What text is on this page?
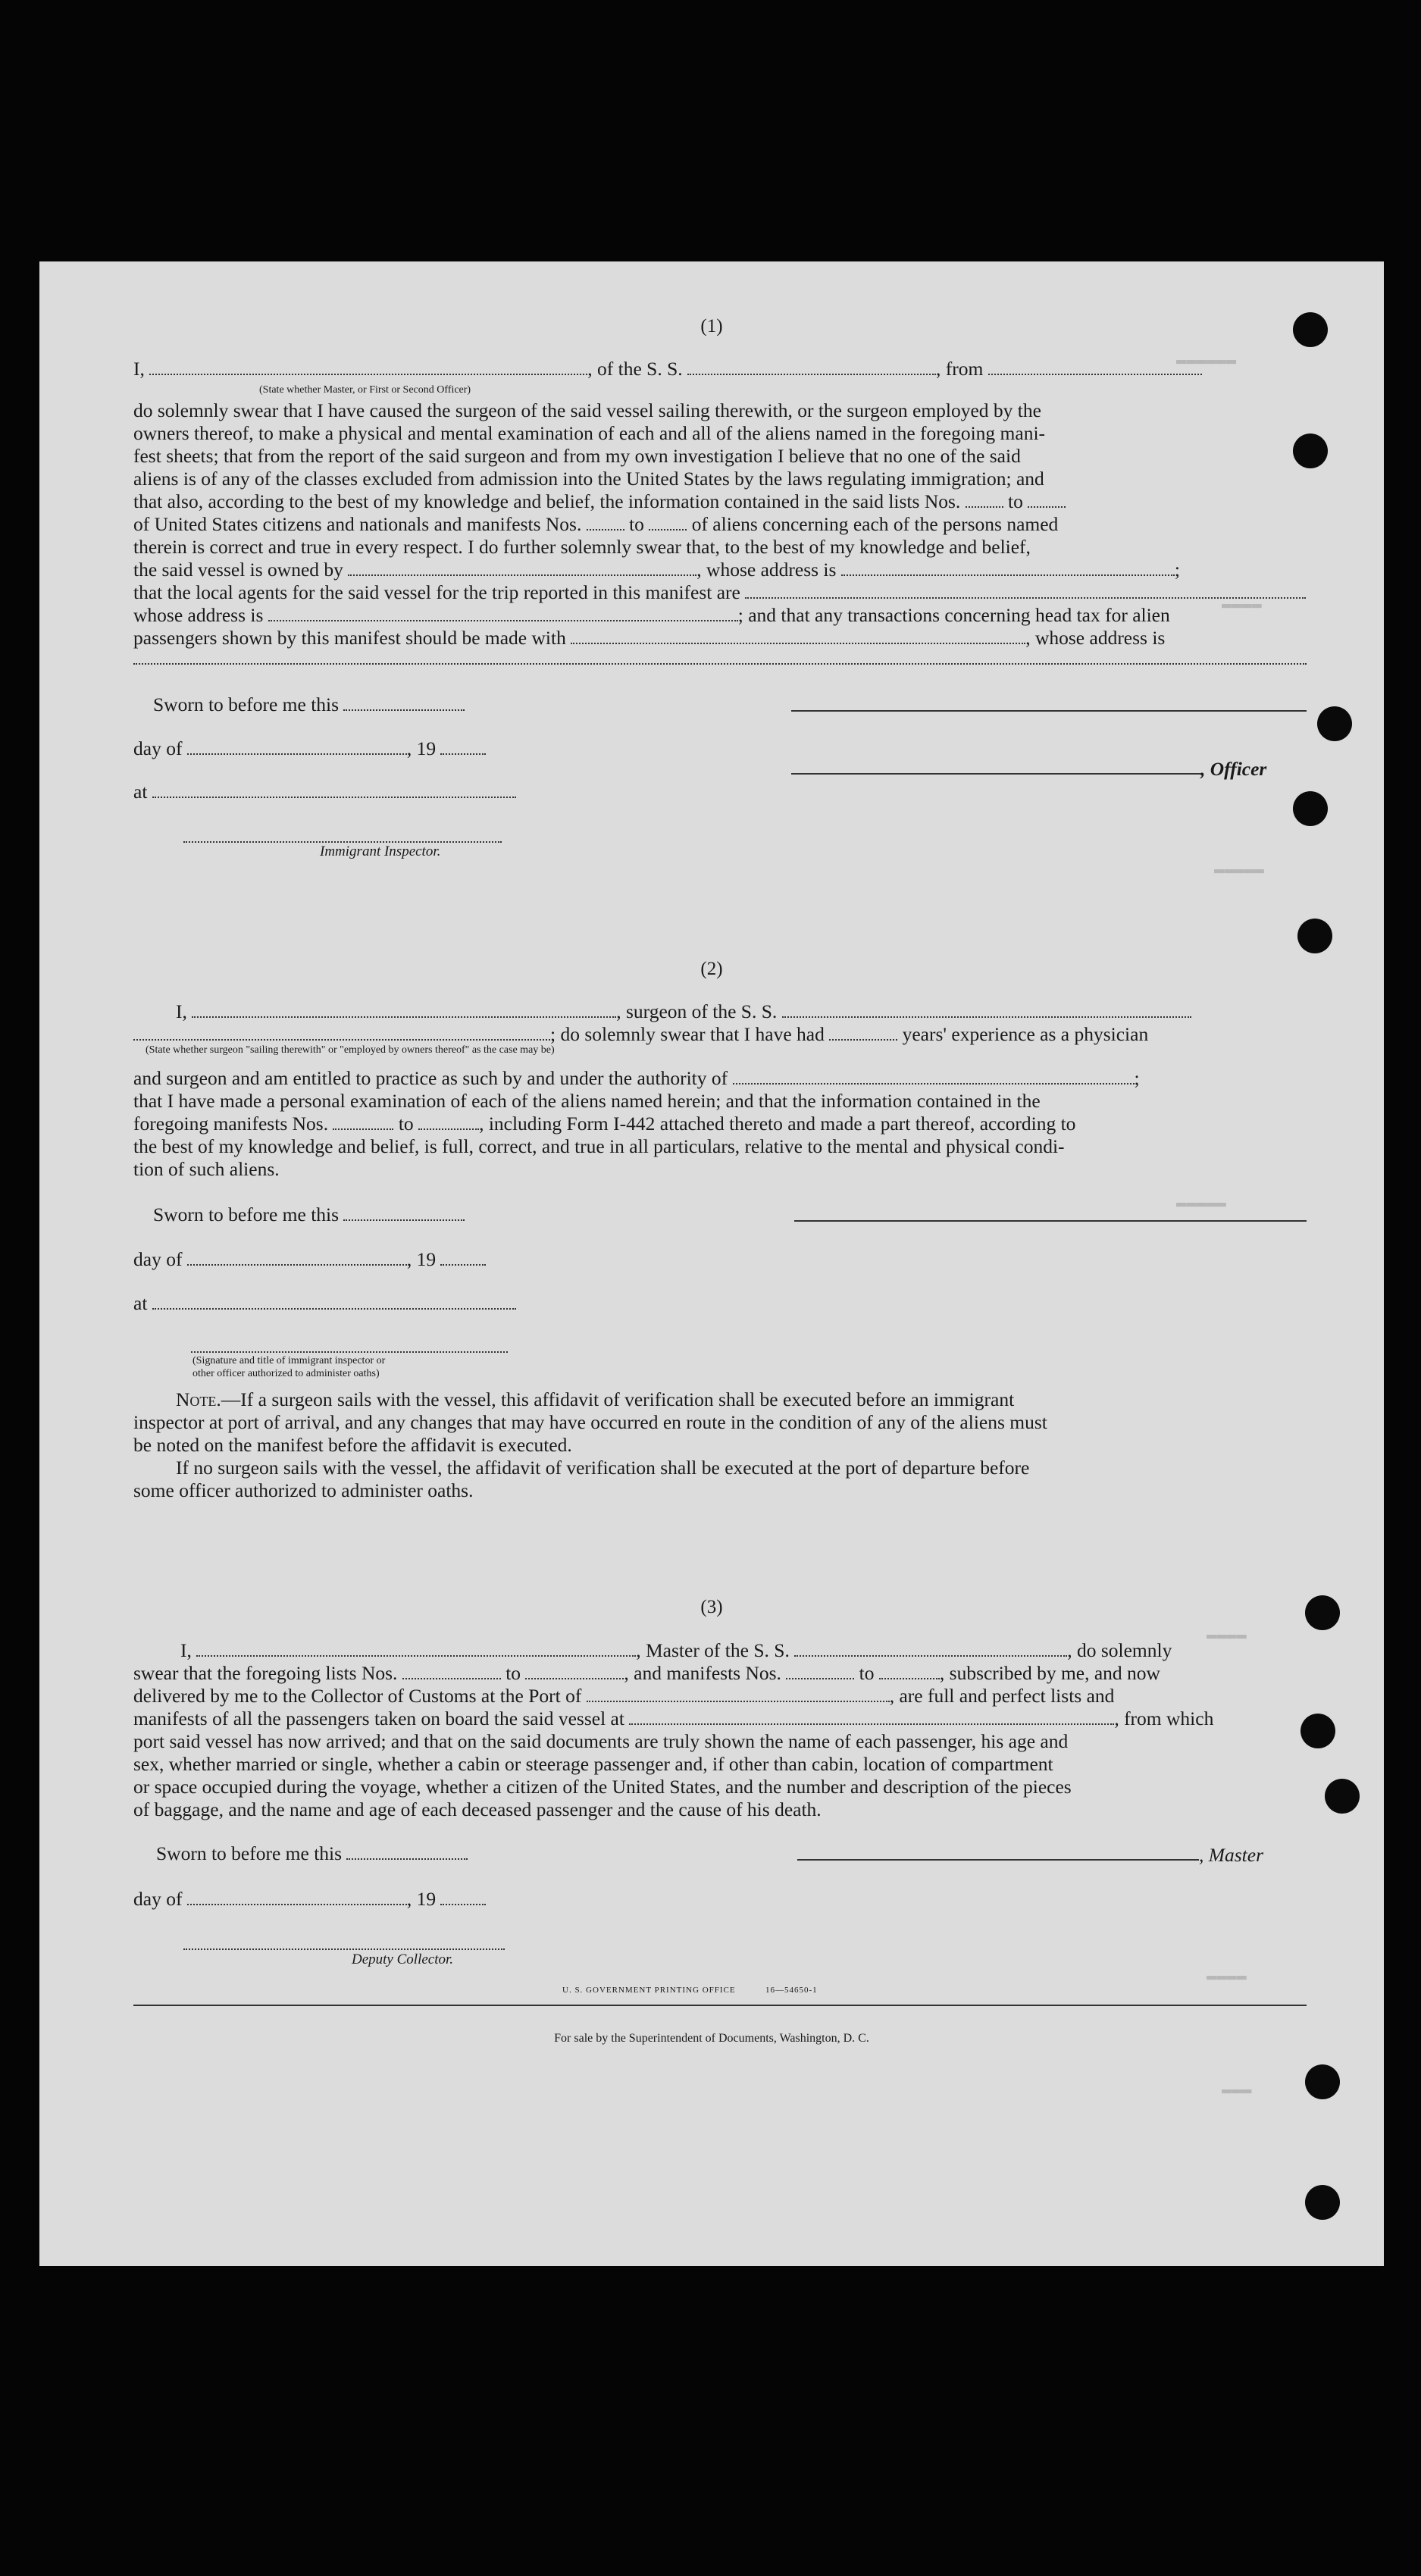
▬▬▬▬▬▬
▬▬▬▬
▬▬▬▬▬
▬▬▬▬▬
▬▬▬▬
▬▬▬▬
▬▬▬
(1)
I,	, of the S. S.	, from
(State whether Master, or First or Second Officer)
do solemnly swear that I have caused the surgeon of the said vessel sailing therewith, or the surgeon employed by the
owners thereof, to make a physical and mental examination of each and all of the aliens named in the foregoing mani-
fest sheets; that from the report of the said surgeon and from my own investigation I believe that no one of the said
aliens is of any of the classes excluded from admission into the United States by the laws regulating immigration; and
that also, according to the best of my knowledge and belief, the information contained in the said lists Nos. to
of United States citizens and nationals and manifests Nos. to of aliens concerning each of the persons named
therein is correct and true in every respect. I do further solemnly swear that, to the best of my knowledge and belief,
the said vessel is owned by	, whose address is	;
that the local agents for the said vessel for the trip reported in this manifest are
whose address is	; and that any transactions concerning head tax for alien
passengers shown by this manifest should be made with	, whose address is
Sworn to before me this
day of	, 19
, Officer
at
Immigrant Inspector.
(2)
I,	, surgeon of the S. S.
; do solemnly swear that I have had	years' experience as a physician
(State whether surgeon "sailing therewith" or "employed by owners thereof" as the case may be)
and surgeon and am entitled to practice as such by and under the authority of	;
that I have made a personal examination of each of the aliens named herein; and that the information contained in the
foregoing manifests Nos.	to	, including Form I-442 attached thereto and made a part thereof, according to
the best of my knowledge and belief, is full, correct, and true in all particulars, relative to the mental and physical condi-
tion of such aliens.
Sworn to before me this
day of	, 19
at
(Signature and title of immigrant inspector or
other officer authorized to administer oaths)
Note.—If a surgeon sails with the vessel, this affidavit of verification shall be executed before an immigrant
inspector at port of arrival, and any changes that may have occurred en route in the condition of any of the aliens must
be noted on the manifest before the affidavit is executed.
If no surgeon sails with the vessel, the affidavit of verification shall be executed at the port of departure before
some officer authorized to administer oaths.
(3)
I,	, Master of the S. S.	, do solemnly
swear that the foregoing lists Nos.	to	, and manifests Nos.	to	, subscribed by me, and now
delivered by me to the Collector of Customs at the Port of	, are full and perfect lists and
manifests of all the passengers taken on board the said vessel at	, from which
port said vessel has now arrived; and that on the said documents are truly shown the name of each passenger, his age and
sex, whether married or single, whether a cabin or steerage passenger and, if other than cabin, location of compartment
or space occupied during the voyage, whether a citizen of the United States, and the number and description of the pieces
of baggage, and the name and age of each deceased passenger and the cause of his death.
Sworn to before me this	, Master
day of	, 19
Deputy Collector.
U. S. GOVERNMENT PRINTING OFFICE	16—54650-1
For sale by the Superintendent of Documents, Washington, D. C.
